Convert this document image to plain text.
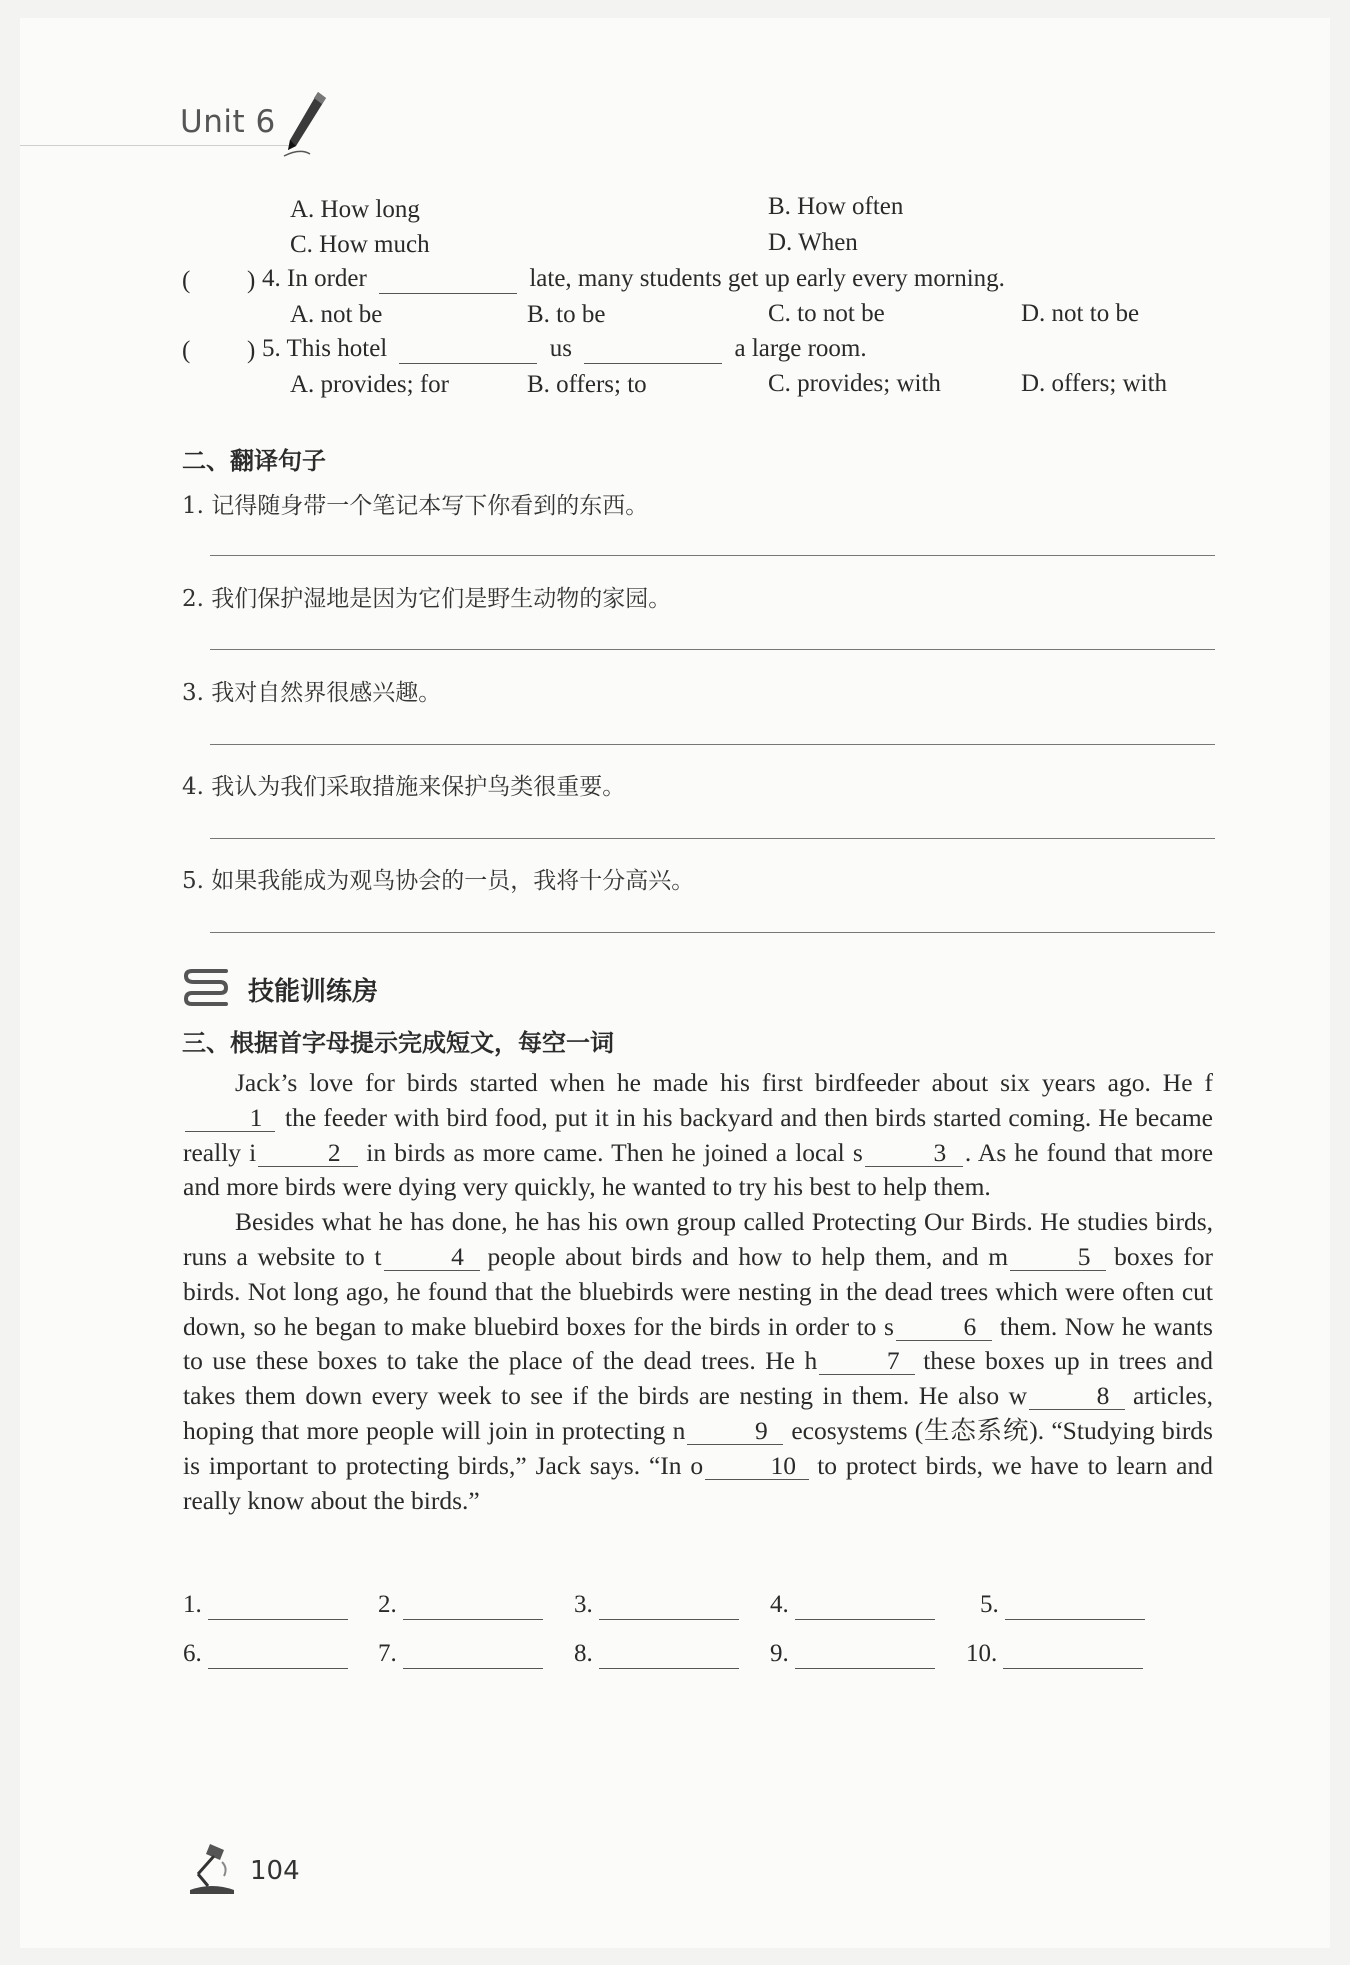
Unit 6
A. How long	B. How often
C. How much	D. When
( ) 4. In order	late, many students get up early every morning.
A. not be	B. to be	C. to not be	D. not to be
( ) 5. This hotel	us	a large room.
A. provides; for	B. offers; to	C. provides; with	D. offers; with
二、翻译句子
1. 记得随身带一个笔记本写下你看到的东西。
2. 我们保护湿地是因为它们是野生动物的家园。
3. 我对自然界很感兴趣。
4. 我认为我们采取措施来保护鸟类很重要。
5. 如果我能成为观鸟协会的一员，我将十分高兴。
技能训练房
三、根据首字母提示完成短文，每空一词

Jack’s love for birds started when he made his first birdfeeder about six years ago. He f1 the feeder with bird food, put it in his backyard and then birds started coming. He became really i	2 in birds as more came. Then he joined a local s	3 . As he found that more and more birds were dying very quickly, he wanted to try his best to help them.

Besides what he has done, he has his own group called Protecting Our Birds. He studies birds, runs a website to t	4 people about birds and how to help them, and m	5 boxes for birds. Not long ago, he found that the bluebirds were nesting in the dead trees which were often cut down, so he began to make bluebird boxes for the birds in order to s	6 them. Now he wants to use these boxes to take the place of the dead trees. He h	7 these boxes up in trees and takes them down every week to see if the birds are nesting in them. He also w	8 articles, hoping that more people will join in protecting n	9 ecosystems (生态系统). “Studying birds is important to protecting birds,” Jack says. “In o	10 to protect birds, we have to learn and really know about the birds.”

1.	2.	3.	4.	5.
6.	7.	8.	9.	10.
104
